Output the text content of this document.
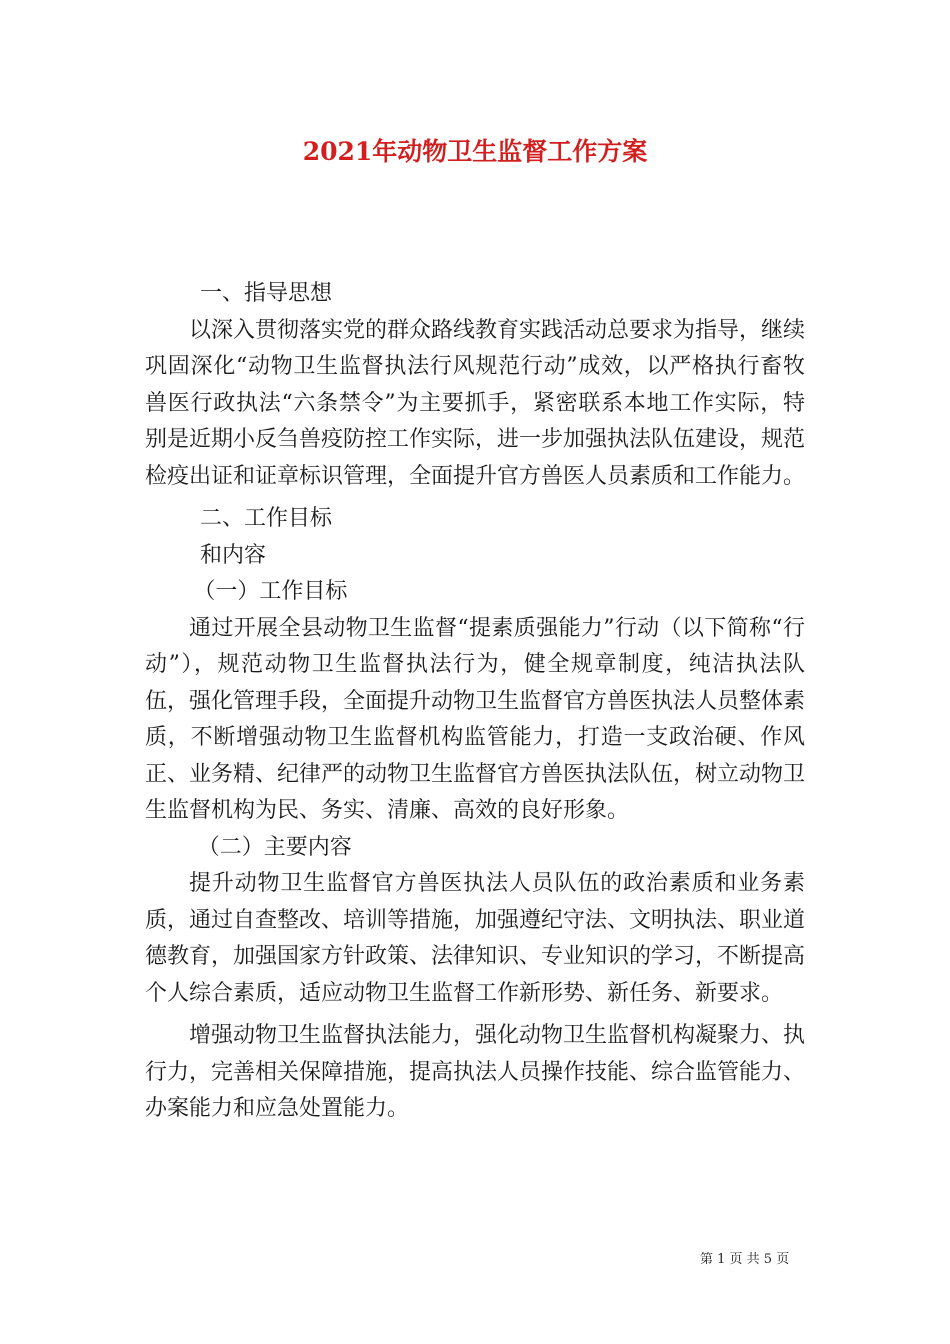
2021年动物卫生监督工作方案

一、指导思想

以深入贯彻落实党的群众路线教育实践活动总要求为指导，继续巩固深化“动物卫生监督执法行风规范行动”成效，以严格执行畜牧兽医行政执法“六条禁令”为主要抓手，紧密联系本地工作实际，特别是近期小反刍兽疫防控工作实际，进一步加强执法队伍建设，规范检疫出证和证章标识管理，全面提升官方兽医人员素质和工作能力。

二、工作目标

和内容

（一）工作目标

通过开展全县动物卫生监督“提素质强能力”行动（以下简称“行动”），规范动物卫生监督执法行为，健全规章制度，纯洁执法队伍，强化管理手段，全面提升动物卫生监督官方兽医执法人员整体素质，不断增强动物卫生监督机构监管能力，打造一支政治硬、作风正、业务精、纪律严的动物卫生监督官方兽医执法队伍，树立动物卫生监督机构为民、务实、清廉、高效的良好形象。

（二）主要内容

提升动物卫生监督官方兽医执法人员队伍的政治素质和业务素质，通过自查整改、培训等措施，加强遵纪守法、文明执法、职业道德教育，加强国家方针政策、法律知识、专业知识的学习，不断提高个人综合素质，适应动物卫生监督工作新形势、新任务、新要求。

增强动物卫生监督执法能力，强化动物卫生监督机构凝聚力、执行力，完善相关保障措施，提高执法人员操作技能、综合监管能力、办案能力和应急处置能力。

第 1 页 共 5 页
